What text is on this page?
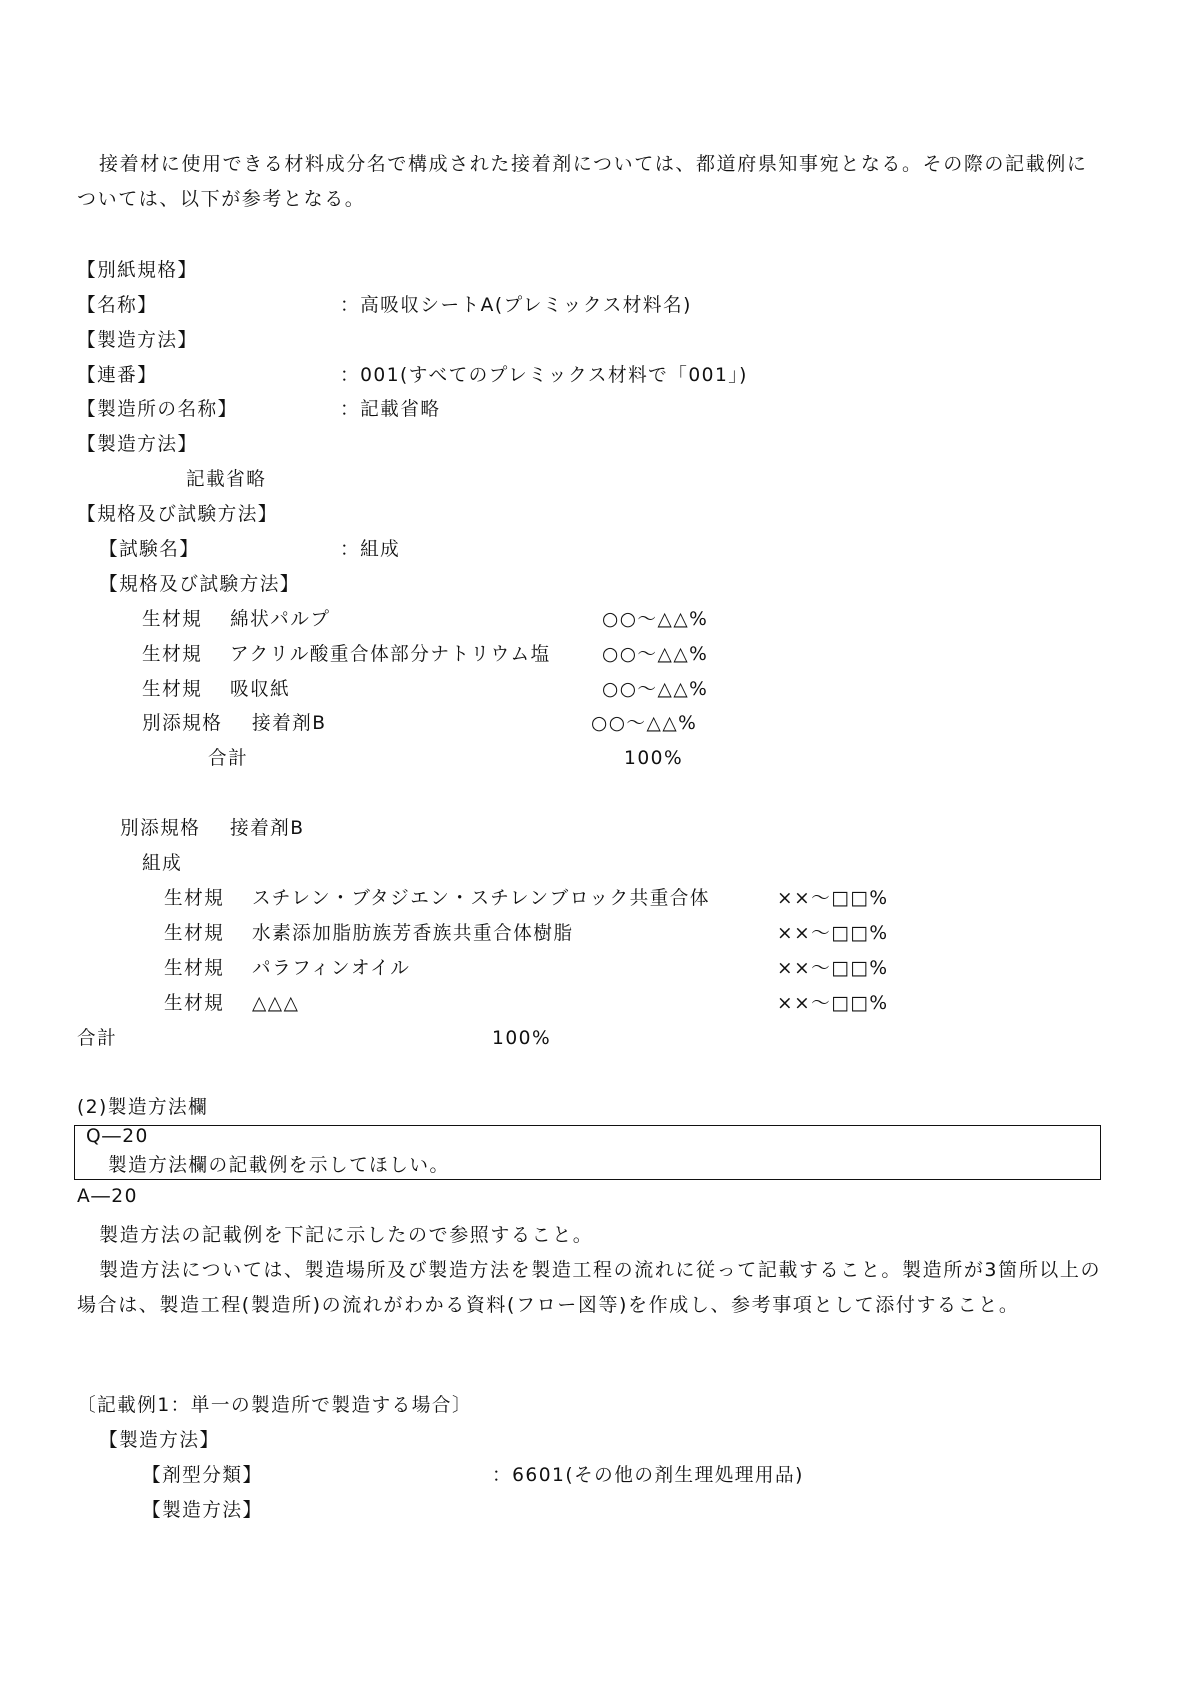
接着材に使用できる材料成分名で構成された接着剤については、都道府県知事宛となる。その際の記載例については、以下が参考となる。
【別紙規格】
【名称】	：高吸収シートA(プレミックス材料名)
【製造方法】
【連番】	：001(すべてのプレミックス材料で「001」)
【製造所の名称】	：記載省略
【製造方法】
記載省略
【規格及び試験方法】
【試験名】	：組成
【規格及び試験方法】
生材規 綿状パルプ	○○～△△%
生材規 アクリル酸重合体部分ナトリウム塩	○○～△△%
生材規 吸収紙	○○～△△%
別添規格 接着剤B	○○～△△%
合計	100%
別添規格 接着剤B
組成
生材規 スチレン・ブタジエン・スチレンブロック共重合体	××～□□%
生材規 水素添加脂肪族芳香族共重合体樹脂	××～□□%
生材規 パラフィンオイル	××～□□%
生材規 △△△	××～□□%
合計	100%
(2)製造方法欄
Q―20
製造方法欄の記載例を示してほしい。
A―20
製造方法の記載例を下記に示したので参照すること。
製造方法については、製造場所及び製造方法を製造工程の流れに従って記載すること。製造所が3箇所以上の場合は、製造工程(製造所)の流れがわかる資料(フロー図等)を作成し、参考事項として添付すること。
〔記載例1：単一の製造所で製造する場合〕
【製造方法】
【剤型分類】	：6601(その他の剤生理処理用品)
【製造方法】
